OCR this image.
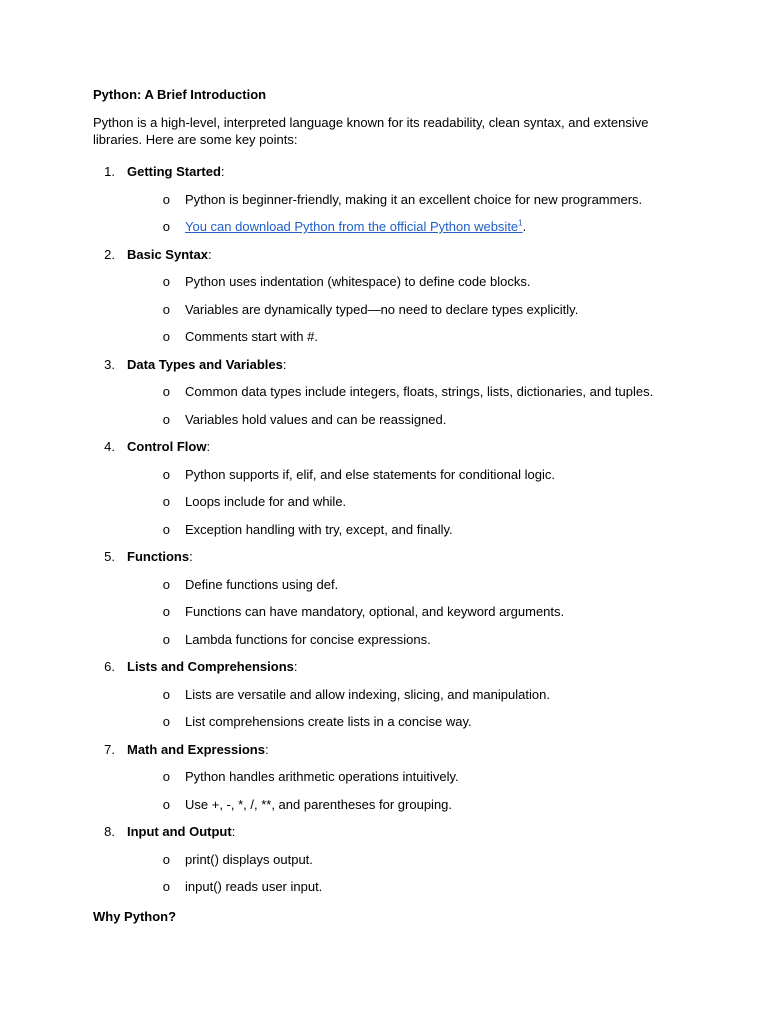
Python: A Brief Introduction
Python is a high-level, interpreted language known for its readability, clean syntax, and extensive libraries. Here are some key points:
1. Getting Started:
o	Python is beginner-friendly, making it an excellent choice for new programmers.
o	You can download Python from the official Python website$^1$.
2. Basic Syntax:
o	Python uses indentation (whitespace) to define code blocks.
o	Variables are dynamically typed—no need to declare types explicitly.
o	Comments start with #.
3. Data Types and Variables:
o	Common data types include integers, floats, strings, lists, dictionaries, and tuples.
o	Variables hold values and can be reassigned.
4. Control Flow:
o	Python supports if, elif, and else statements for conditional logic.
o	Loops include for and while.
o	Exception handling with try, except, and finally.
5. Functions:
o	Define functions using def.
o	Functions can have mandatory, optional, and keyword arguments.
o	Lambda functions for concise expressions.
6. Lists and Comprehensions:
o	Lists are versatile and allow indexing, slicing, and manipulation.
o	List comprehensions create lists in a concise way.
7. Math and Expressions:
o	Python handles arithmetic operations intuitively.
o	Use +, -, *, /, **, and parentheses for grouping.
8. Input and Output:
o	print() displays output.
o	input() reads user input.
Why Python?
